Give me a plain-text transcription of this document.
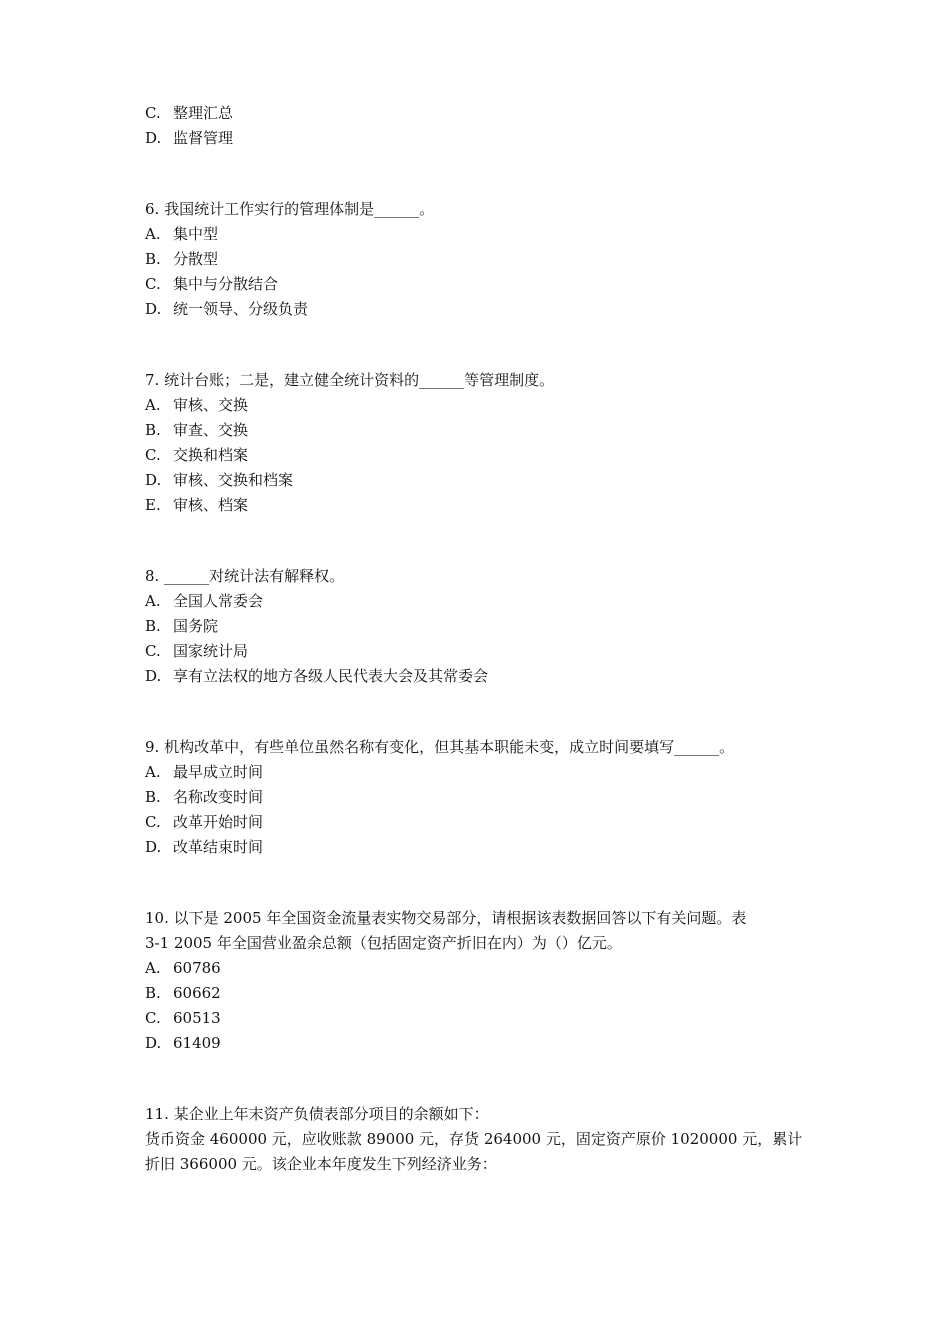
C. 整理汇总
D. 监督管理
6. 我国统计工作实行的管理体制是______。
A. 集中型
B. 分散型
C. 集中与分散结合
D. 统一领导、分级负责
7. 统计台账；二是，建立健全统计资料的______等管理制度。
A. 审核、交换
B. 审查、交换
C. 交换和档案
D. 审核、交换和档案
E. 审核、档案
8. ______对统计法有解释权。
A. 全国人常委会
B. 国务院
C. 国家统计局
D. 享有立法权的地方各级人民代表大会及其常委会
9. 机构改革中，有些单位虽然名称有变化，但其基本职能未变，成立时间要填写______。
A. 最早成立时间
B. 名称改变时间
C. 改革开始时间
D. 改革结束时间
10. 以下是 2005 年全国资金流量表实物交易部分，请根据该表数据回答以下有关问题。表
3-1 2005 年全国营业盈余总额（包括固定资产折旧在内）为（）亿元。
A. 60786
B. 60662
C. 60513
D. 61409
11. 某企业上年末资产负债表部分项目的余额如下：
货币资金 460000 元，应收账款 89000 元，存货 264000 元，固定资产原价 1020000 元，累计
折旧 366000 元。该企业本年度发生下列经济业务：
